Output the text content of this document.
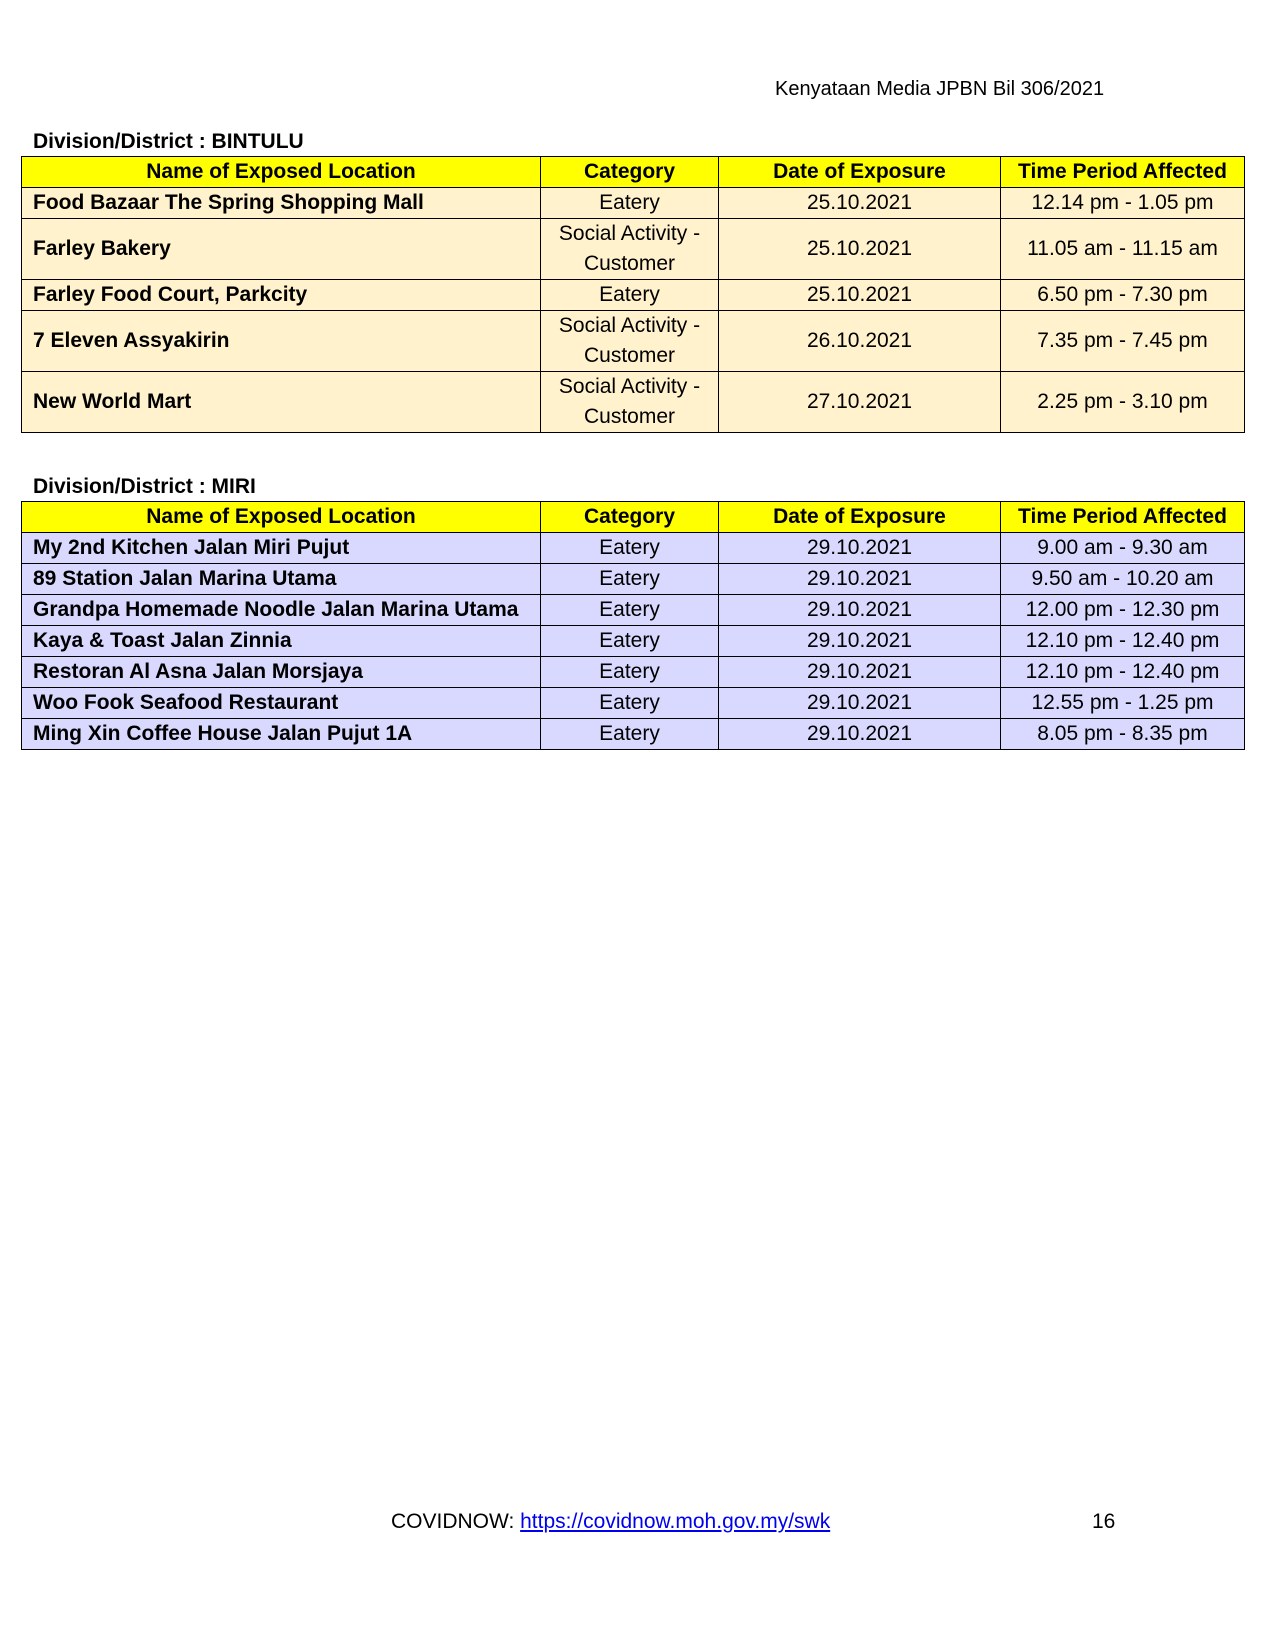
Kenyataan Media JPBN Bil 306/2021
Division/District : BINTULU
Name of Exposed Location	Category	Date of Exposure	Time Period Affected
Food Bazaar The Spring Shopping Mall	Eatery	25.10.2021	12.14 pm - 1.05 pm
Farley Bakery	Social Activity - Customer	25.10.2021	11.05 am - 11.15 am
Farley Food Court, Parkcity	Eatery	25.10.2021	6.50 pm - 7.30 pm
7 Eleven Assyakirin	Social Activity - Customer	26.10.2021	7.35 pm - 7.45 pm
New World Mart	Social Activity - Customer	27.10.2021	2.25 pm - 3.10 pm
Division/District : MIRI
Name of Exposed Location	Category	Date of Exposure	Time Period Affected
My 2nd Kitchen Jalan Miri Pujut	Eatery	29.10.2021	9.00 am - 9.30 am
89 Station Jalan Marina Utama	Eatery	29.10.2021	9.50 am - 10.20 am
Grandpa Homemade Noodle Jalan Marina Utama	Eatery	29.10.2021	12.00 pm - 12.30 pm
Kaya & Toast Jalan Zinnia	Eatery	29.10.2021	12.10 pm - 12.40 pm
Restoran Al Asna Jalan Morsjaya	Eatery	29.10.2021	12.10 pm - 12.40 pm
Woo Fook Seafood Restaurant	Eatery	29.10.2021	12.55 pm - 1.25 pm
Ming Xin Coffee House Jalan Pujut 1A	Eatery	29.10.2021	8.05 pm - 8.35 pm
COVIDNOW: https://covidnow.moh.gov.my/swk	16
